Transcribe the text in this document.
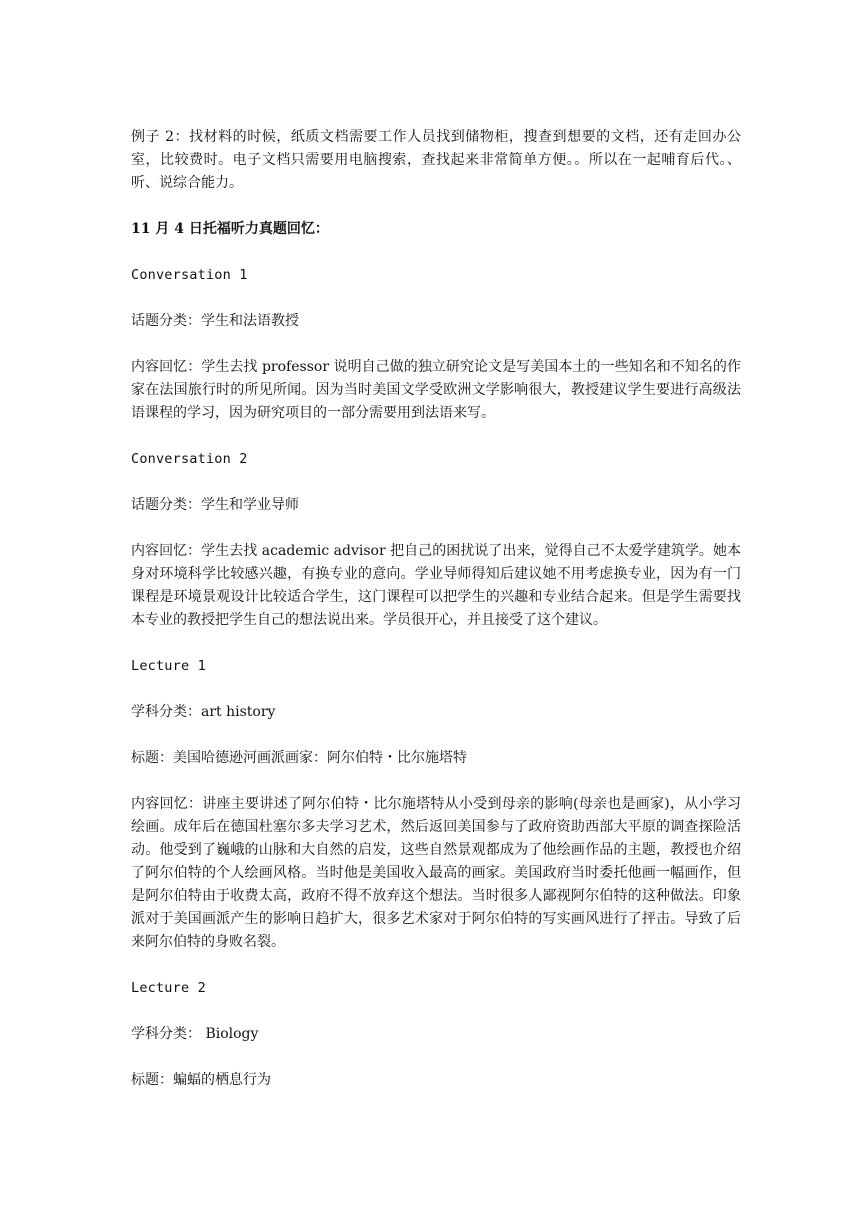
例子 2：找材料的时候，纸质文档需要工作人员找到储物柜，搜查到想要的文档，还有走回办公室，比较费时。电子文档只需要用电脑搜索，查找起来非常简单方便。。所以在一起哺育后代。、听、说综合能力。

11 月 4 日托福听力真题回忆：

Conversation 1

话题分类：学生和法语教授

内容回忆：学生去找 professor 说明自己做的独立研究论文是写美国本土的一些知名和不知名的作家在法国旅行时的所见所闻。因为当时美国文学受欧洲文学影响很大，教授建议学生要进行高级法语课程的学习，因为研究项目的一部分需要用到法语来写。

Conversation 2

话题分类：学生和学业导师

内容回忆：学生去找 academic advisor 把自己的困扰说了出来，觉得自己不太爱学建筑学。她本身对环境科学比较感兴趣，有换专业的意向。学业导师得知后建议她不用考虑换专业，因为有一门课程是环境景观设计比较适合学生，这门课程可以把学生的兴趣和专业结合起来。但是学生需要找本专业的教授把学生自己的想法说出来。学员很开心，并且接受了这个建议。

Lecture 1

学科分类：art history

标题：美国哈德逊河画派画家：阿尔伯特・比尔施塔特

内容回忆：讲座主要讲述了阿尔伯特・比尔施塔特从小受到母亲的影响(母亲也是画家)，从小学习绘画。成年后在德国杜塞尔多夫学习艺术，然后返回美国参与了政府资助西部大平原的调查探险活动。他受到了巍峨的山脉和大自然的启发，这些自然景观都成为了他绘画作品的主题，教授也介绍了阿尔伯特的个人绘画风格。当时他是美国收入最高的画家。美国政府当时委托他画一幅画作，但是阿尔伯特由于收费太高，政府不得不放弃这个想法。当时很多人鄙视阿尔伯特的这种做法。印象派对于美国画派产生的影响日趋扩大，很多艺术家对于阿尔伯特的写实画风进行了抨击。导致了后来阿尔伯特的身败名裂。

Lecture 2

学科分类： Biology

标题：蝙蝠的栖息行为
